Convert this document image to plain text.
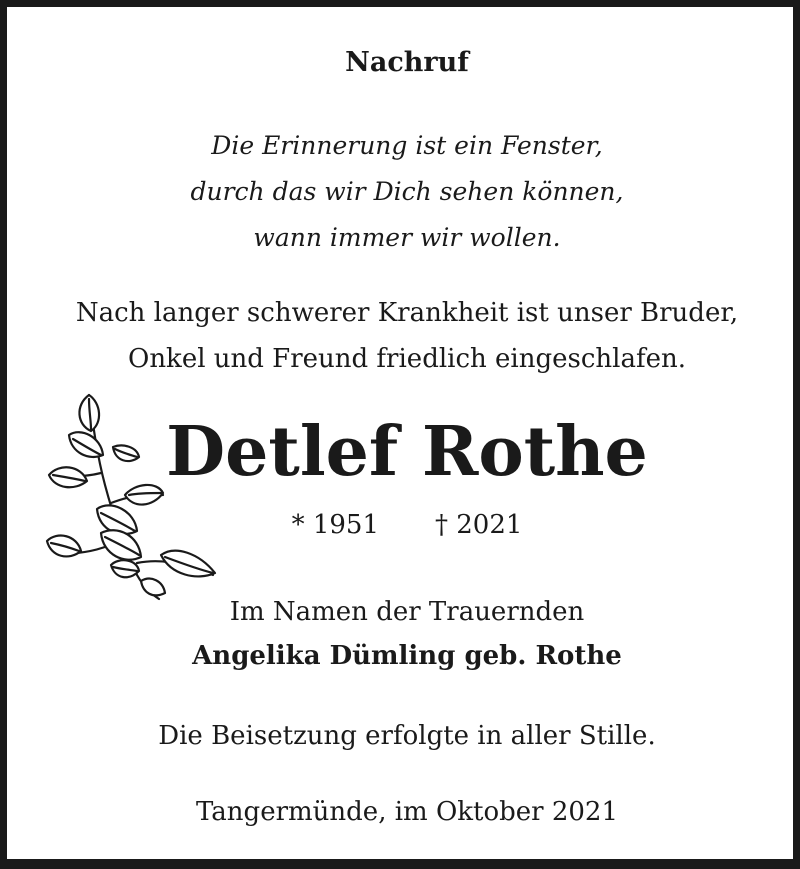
Nachruf
Die Erinnerung ist ein Fenster,
durch das wir Dich sehen können,
wann immer wir wollen.
Nach langer schwerer Krankheit ist unser Bruder,
Onkel und Freund friedlich eingeschlafen.
Detlef Rothe
* 1951 † 2021
Im Namen der Trauernden
Angelika Dümling geb. Rothe
Die Beisetzung erfolgte in aller Stille.
Tangermünde, im Oktober 2021
